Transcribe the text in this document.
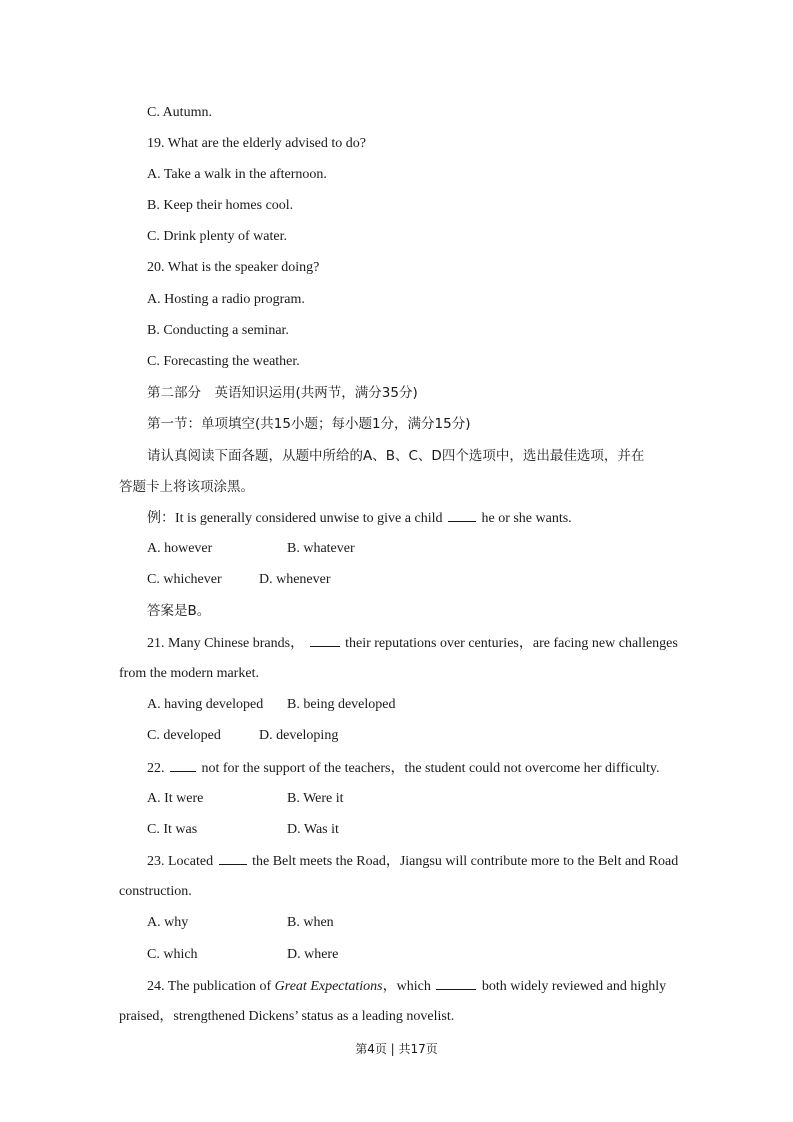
C. Autumn.
19. What are the elderly advised to do?
A. Take a walk in the afternoon.
B. Keep their homes cool.
C. Drink plenty of water.
20. What is the speaker doing?
A. Hosting a radio program.
B. Conducting a seminar.
C. Forecasting the weather.
第二部分　英语知识运用(共两节，满分35分)
第一节：单项填空(共15小题；每小题1分，满分15分)
请认真阅读下面各题，从题中所给的A、B、C、D四个选项中，选出最佳选项，并在
答题卡上将该项涂黑。
例：It is generally considered unwise to give a child	he or she wants.
A. however	B. whatever
C. whichever	D. whenever
答案是B。
21. Many Chinese brands，	their reputations over centuries，are facing new challenges
from the modern market.
A. having developed B. being developed
C. developed	D. developing
22.	not for the support of the teachers，the student could not overcome her difficulty.
A. It were	B. Were it
C. It was	D. Was it
23. Located	the Belt meets the Road，Jiangsu will contribute more to the Belt and Road
construction.
A. why	B. when
C. which	D. where
24. The publication of Great Expectations，which	both widely reviewed and highly
praised，strengthened Dickens’ status as a leading novelist.
第4页 | 共17页
